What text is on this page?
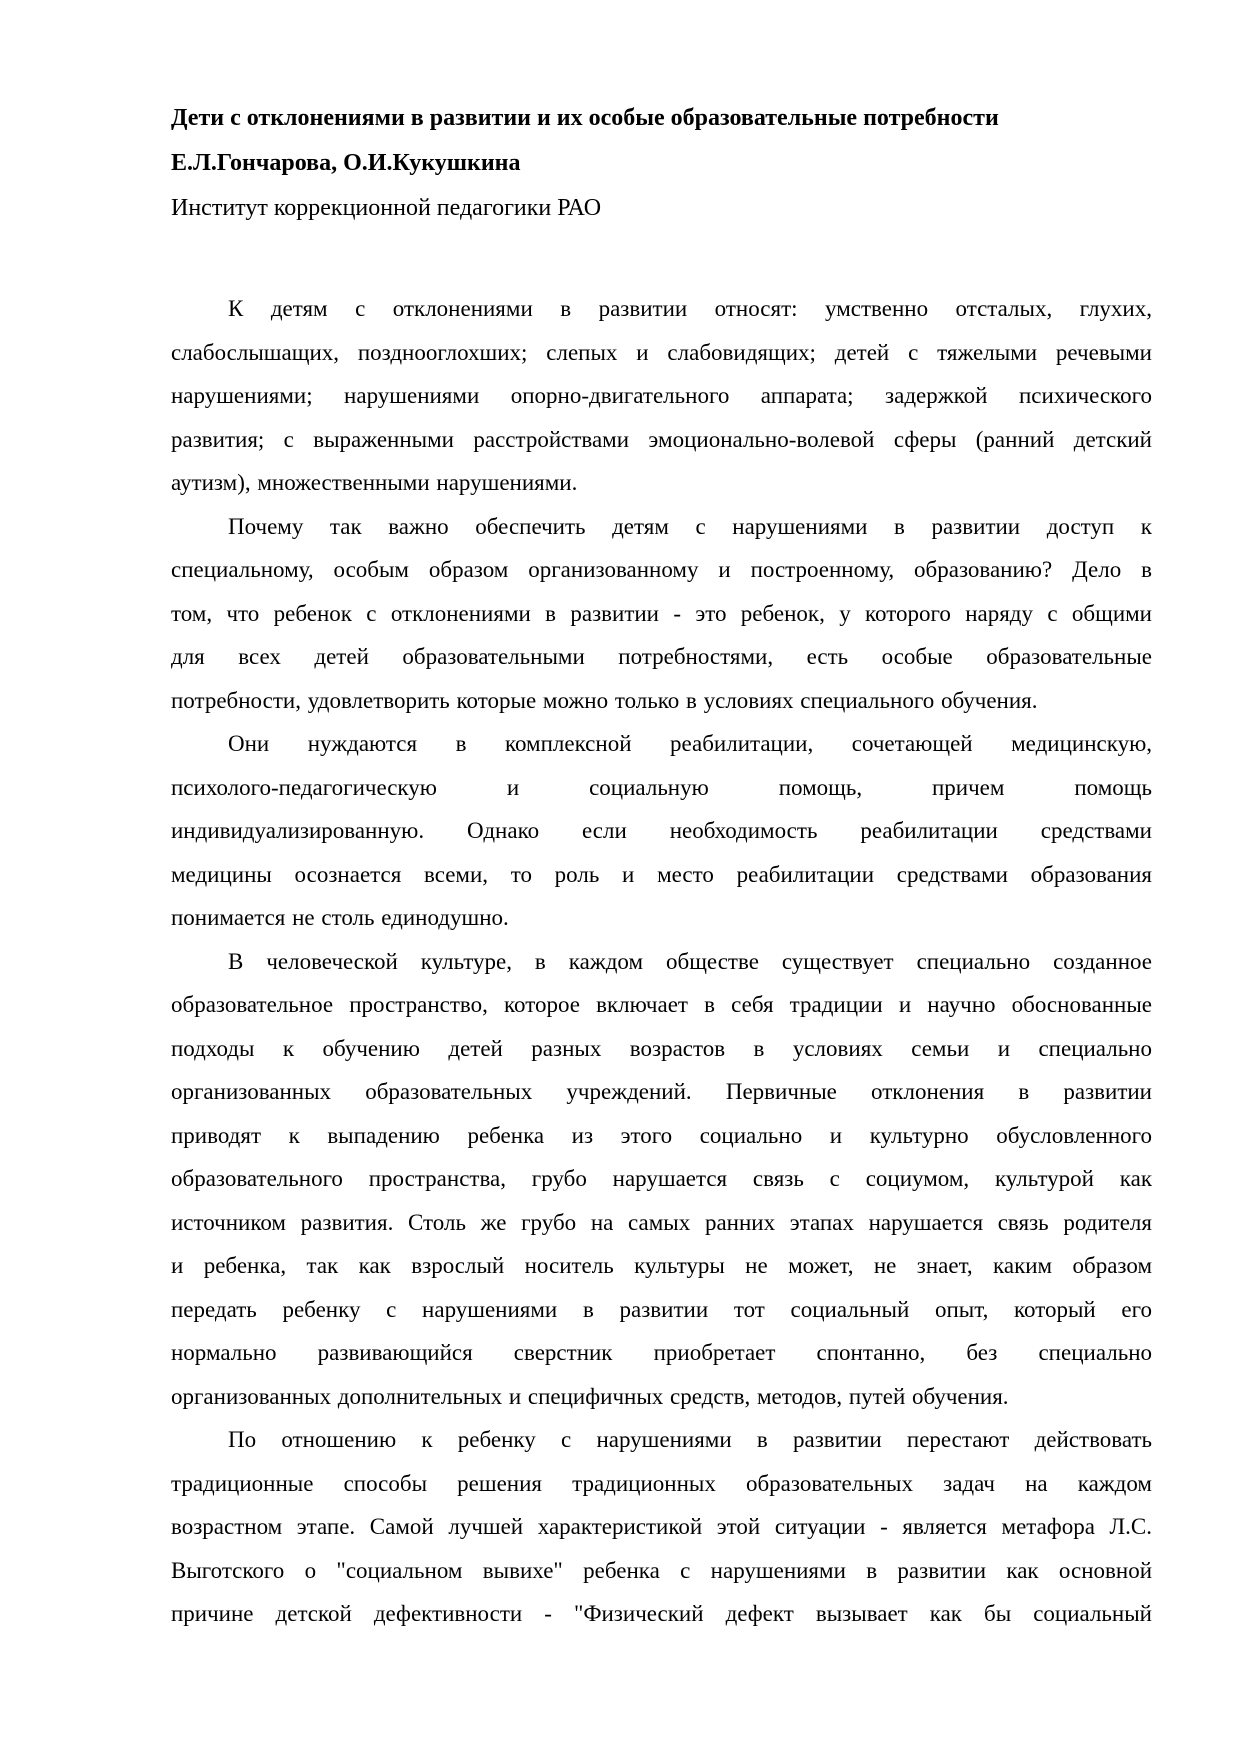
Дети с отклонениями в развитии и их особые образовательные потребности
Е.Л.Гончарова, О.И.Кукушкина
Институт коррекционной педагогики РАО
К детям с отклонениями в развитии относят: умственно отсталых, глухих,
слабослышащих, позднооглохших; слепых и слабовидящих; детей с тяжелыми речевыми
нарушениями; нарушениями опорно-двигательного аппарата; задержкой психического
развития; с выраженными расстройствами эмоционально-волевой сферы (ранний детский
аутизм), множественными нарушениями.
Почему так важно обеспечить детям с нарушениями в развитии доступ к
специальному, особым образом организованному и построенному, образованию? Дело в
том, что ребенок с отклонениями в развитии - это ребенок, у которого наряду с общими
для всех детей образовательными потребностями, есть особые образовательные
потребности, удовлетворить которые можно только в условиях специального обучения.
Они нуждаются в комплексной реабилитации, сочетающей медицинскую,
психолого-педагогическую и социальную помощь, причем помощь
индивидуализированную. Однако если необходимость реабилитации средствами
медицины осознается всеми, то роль и место реабилитации средствами образования
понимается не столь единодушно.
В человеческой культуре, в каждом обществе существует специально созданное
образовательное пространство, которое включает в себя традиции и научно обоснованные
подходы к обучению детей разных возрастов в условиях семьи и специально
организованных образовательных учреждений. Первичные отклонения в развитии
приводят к выпадению ребенка из этого социально и культурно обусловленного
образовательного пространства, грубо нарушается связь с социумом, культурой как
источником развития. Столь же грубо на самых ранних этапах нарушается связь родителя
и ребенка, так как взрослый носитель культуры не может, не знает, каким образом
передать ребенку с нарушениями в развитии тот социальный опыт, который его
нормально развивающийся сверстник приобретает спонтанно, без специально
организованных дополнительных и специфичных средств, методов, путей обучения.
По отношению к ребенку с нарушениями в развитии перестают действовать
традиционные способы решения традиционных образовательных задач на каждом
возрастном этапе. Самой лучшей характеристикой этой ситуации - является метафора Л.С.
Выготского о "социальном вывихе" ребенка с нарушениями в развитии как основной
причине детской дефективности - "Физический дефект вызывает как бы социальный
